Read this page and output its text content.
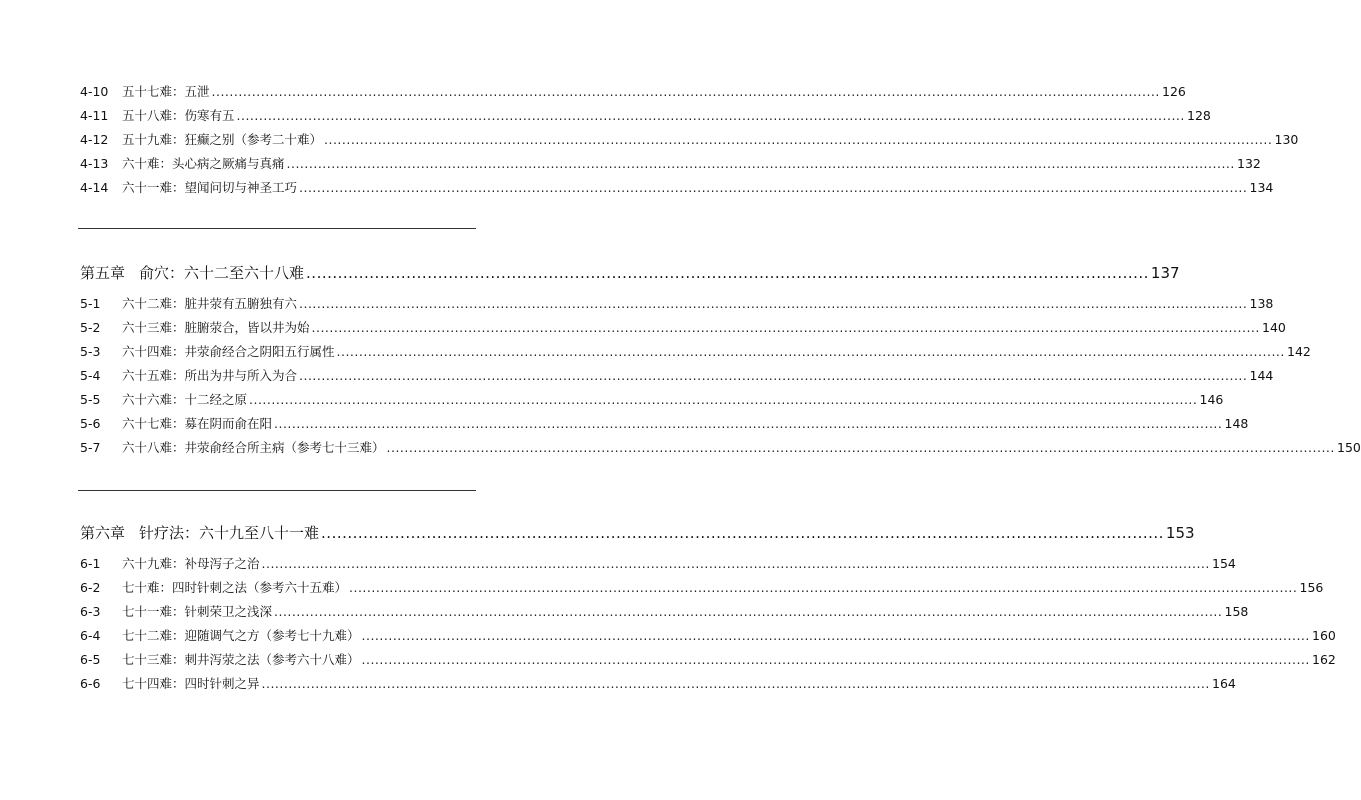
4-10	五十七难：五泄 .....	126
4-11	五十八难：伤寒有五 .....	128
4-12	五十九难：狂癫之别（参考二十难） .....	130
4-13	六十难：头心病之厥痛与真痛 .....	132
4-14	六十一难：望闻问切与神圣工巧 .....	134
第五章 俞穴：六十二至六十八难 .....	137
5-1	六十二难：脏井荥有五腑独有六 .....	138
5-2	六十三难：脏腑荥合，皆以井为始 .....	140
5-3	六十四难：井荥俞经合之阴阳五行属性 .....	142
5-4	六十五难：所出为井与所入为合 .....	144
5-5	六十六难：十二经之原 .....	146
5-6	六十七难：募在阴而俞在阳 .....	148
5-7	六十八难：井荥俞经合所主病（参考七十三难） .....	150
第六章 针疗法：六十九至八十一难 .....	153
6-1	六十九难：补母泻子之治 .....	154
6-2	七十难：四时针刺之法（参考六十五难） .....	156
6-3	七十一难：针刺荣卫之浅深 .....	158
6-4	七十二难：迎随调气之方（参考七十九难） .....	160
6-5	七十三难：刺井泻荥之法（参考六十八难） .....	162
6-6	七十四难：四时针刺之异 .....	164
